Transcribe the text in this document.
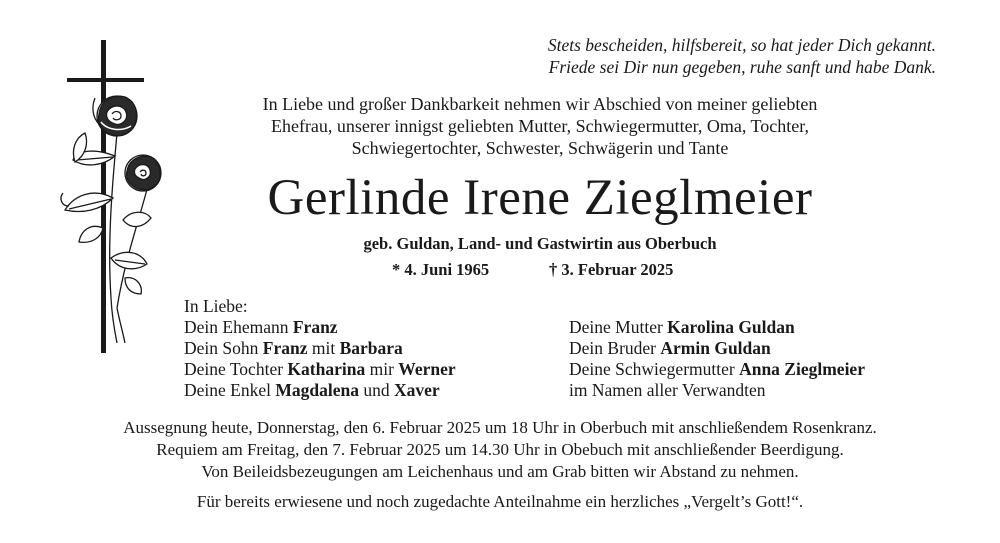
Stets bescheiden, hilfsbereit, so hat jeder Dich gekannt.
Friede sei Dir nun gegeben, ruhe sanft und habe Dank.
In Liebe und großer Dankbarkeit nehmen wir Abschied von meiner geliebten
Ehefrau, unserer innigst geliebten Mutter, Schwiegermutter, Oma, Tochter,
Schwiegertochter, Schwester, Schwägerin und Tante
Gerlinde Irene Zieglmeier
geb. Guldan, Land- und Gastwirtin aus Oberbuch
* 4. Juni 1965	† 3. Februar 2025
In Liebe:
Dein Ehemann Franz
Dein Sohn Franz mit Barbara
Deine Tochter Katharina mir Werner
Deine Enkel Magdalena und Xaver
Deine Mutter Karolina Guldan
Dein Bruder Armin Guldan
Deine Schwiegermutter Anna Zieglmeier
im Namen aller Verwandten
Aussegnung heute, Donnerstag, den 6. Februar 2025 um 18 Uhr in Oberbuch mit anschließendem Rosenkranz.
Requiem am Freitag, den 7. Februar 2025 um 14.30 Uhr in Obebuch mit anschließender Beerdigung.
Von Beileidsbezeugungen am Leichenhaus und am Grab bitten wir Abstand zu nehmen.
Für bereits erwiesene und noch zugedachte Anteilnahme ein herzliches „Vergelt’s Gott!“.
